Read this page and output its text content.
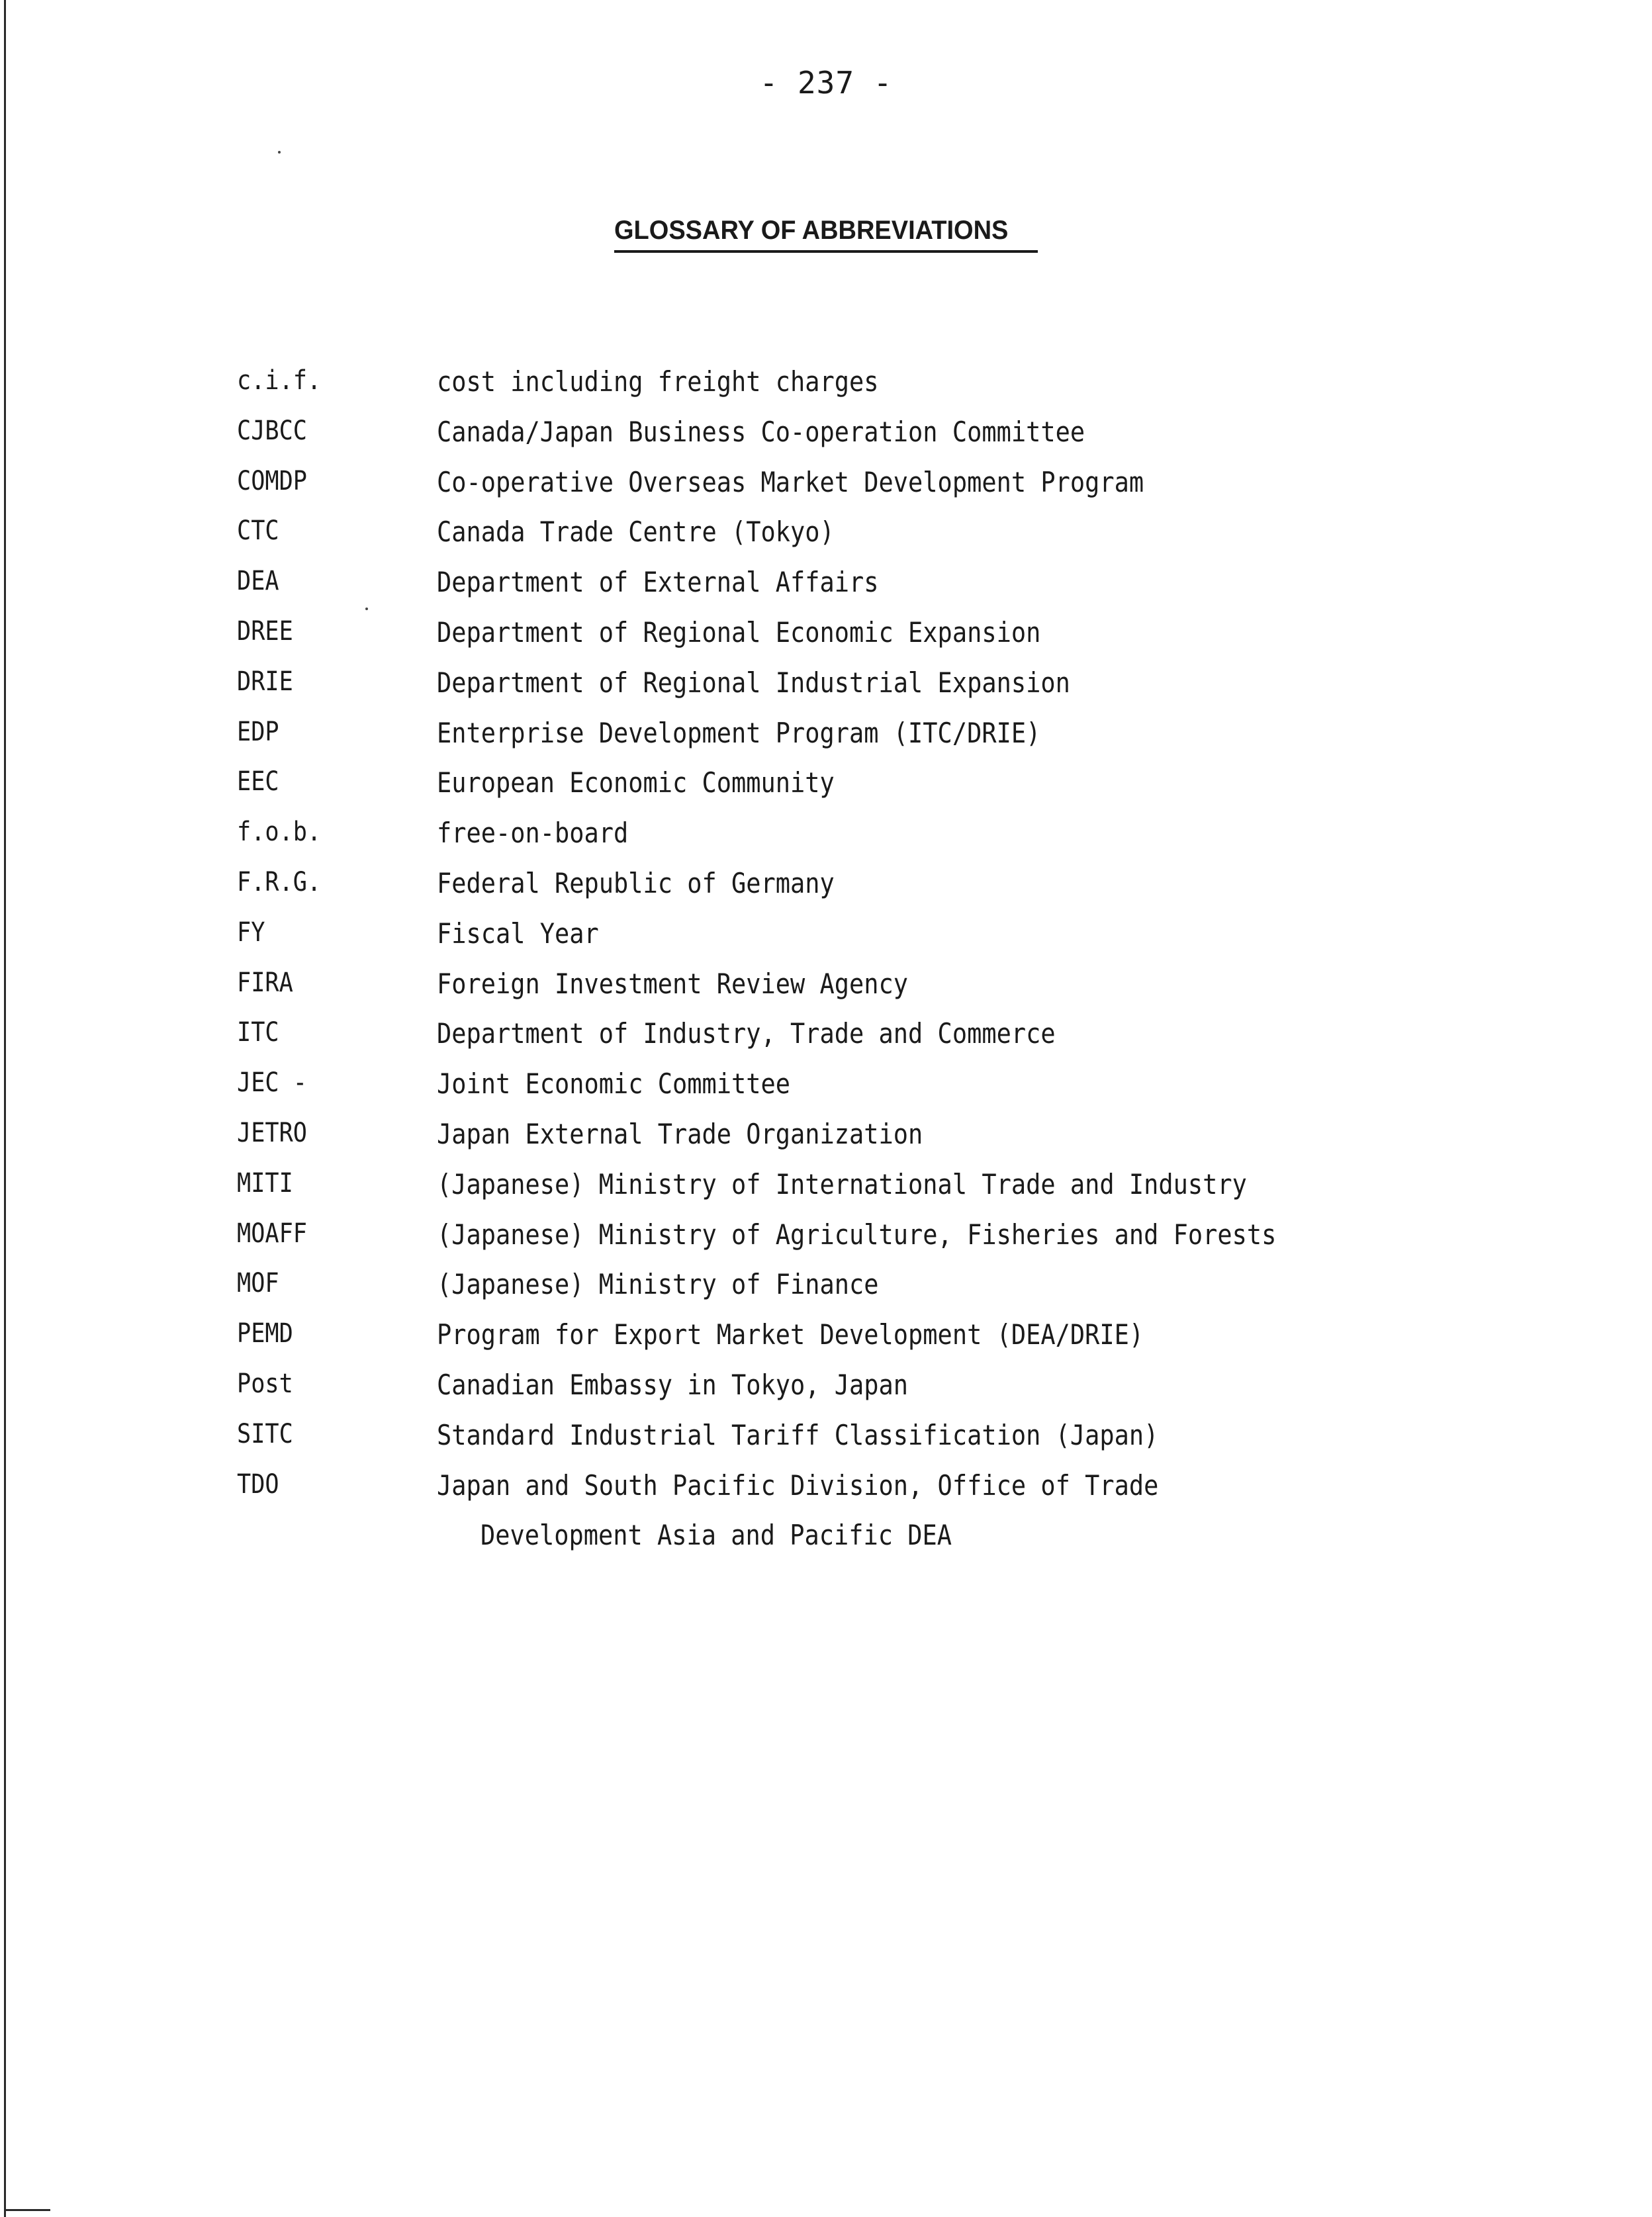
- 237 -
GLOSSARY OF ABBREVIATIONS
c.i.f.	cost including freight charges
CJBCC	Canada/Japan Business Co-operation Committee
COMDP	Co-operative Overseas Market Development Program
CTC	Canada Trade Centre (Tokyo)
DEA	Department of External Affairs
DREE	Department of Regional Economic Expansion
DRIE	Department of Regional Industrial Expansion
EDP	Enterprise Development Program (ITC/DRIE)
EEC	European Economic Community
f.o.b.	free-on-board
F.R.G.	Federal Republic of Germany
FY	Fiscal Year
FIRA	Foreign Investment Review Agency
ITC	Department of Industry, Trade and Commerce
JEC -	Joint Economic Committee
JETRO	Japan External Trade Organization
MITI	(Japanese) Ministry of International Trade and Industry
MOAFF	(Japanese) Ministry of Agriculture, Fisheries and Forests
MOF	(Japanese) Ministry of Finance
PEMD	Program for Export Market Development (DEA/DRIE)
Post	Canadian Embassy in Tokyo, Japan
SITC	Standard Industrial Tariff Classification (Japan)
TDO	Japan and South Pacific Division, Office of Trade
Development Asia and Pacific DEA
